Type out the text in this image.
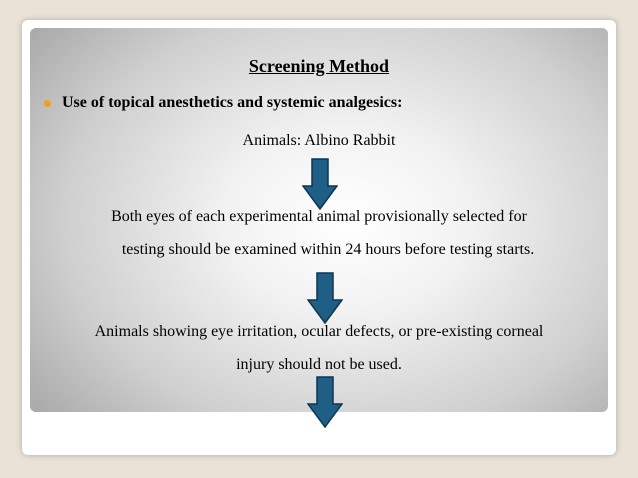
Screening Method
Use of topical anesthetics and systemic analgesics:
Animals: Albino Rabbit
Both eyes of each experimental animal provisionally selected for
testing should be examined within 24 hours before testing starts.
Animals showing eye irritation, ocular defects, or pre-existing corneal
injury should not be used.
